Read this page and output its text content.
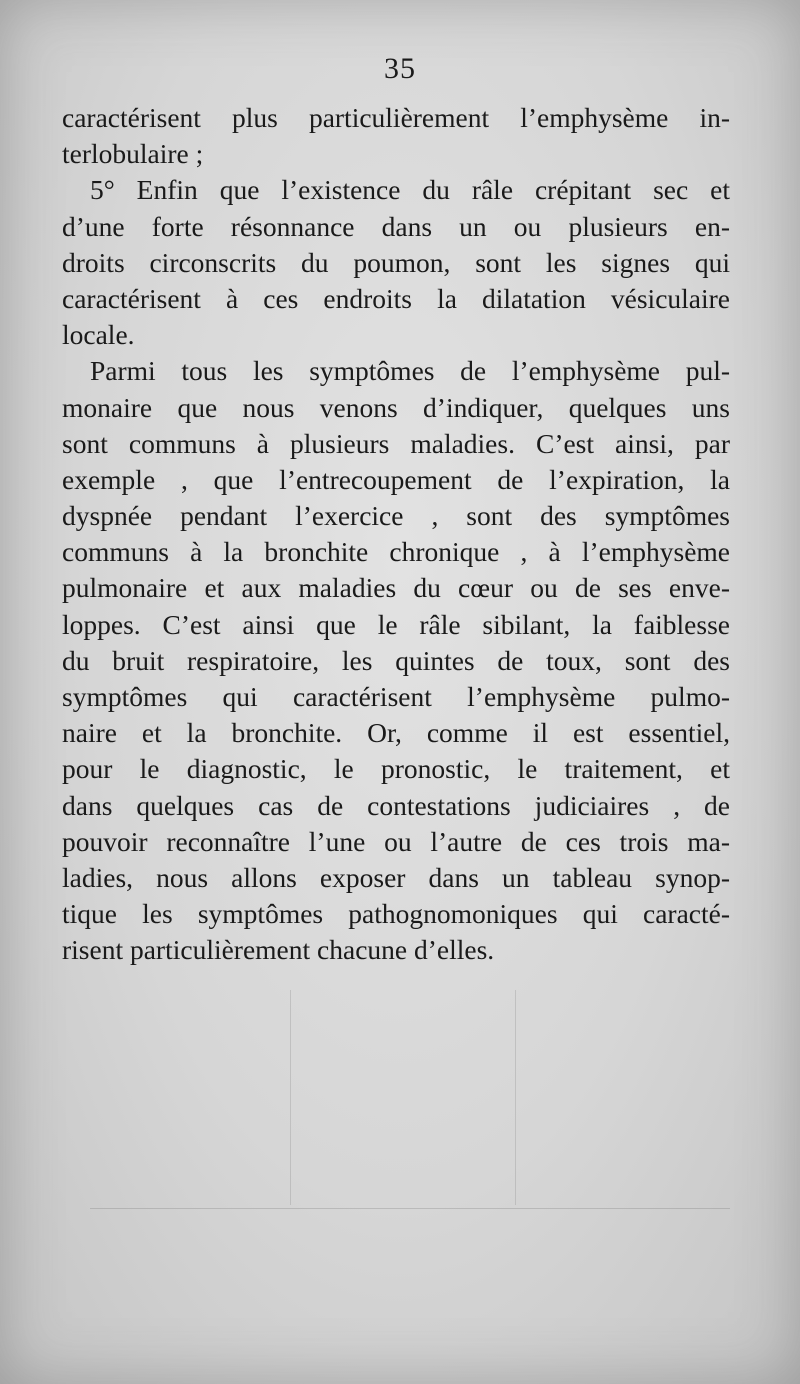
35
caractérisent plus particulièrement l’emphysème in-
terlobulaire ;
5° Enfin que l’existence du râle crépitant sec et
d’une forte résonnance dans un ou plusieurs en-
droits circonscrits du poumon, sont les signes qui
caractérisent à ces endroits la dilatation vésiculaire
locale.
Parmi tous les symptômes de l’emphysème pul-
monaire que nous venons d’indiquer, quelques uns
sont communs à plusieurs maladies. C’est ainsi, par
exemple , que l’entrecoupement de l’expiration, la
dyspnée pendant l’exercice , sont des symptômes
communs à la bronchite chronique , à l’emphysème
pulmonaire et aux maladies du cœur ou de ses enve-
loppes. C’est ainsi que le râle sibilant, la faiblesse
du bruit respiratoire, les quintes de toux, sont des
symptômes qui caractérisent l’emphysème pulmo-
naire et la bronchite. Or, comme il est essentiel,
pour le diagnostic, le pronostic, le traitement, et
dans quelques cas de contestations judiciaires , de
pouvoir reconnaître l’une ou l’autre de ces trois ma-
ladies, nous allons exposer dans un tableau synop-
tique les symptômes pathognomoniques qui caracté-
risent particulièrement chacune d’elles.
